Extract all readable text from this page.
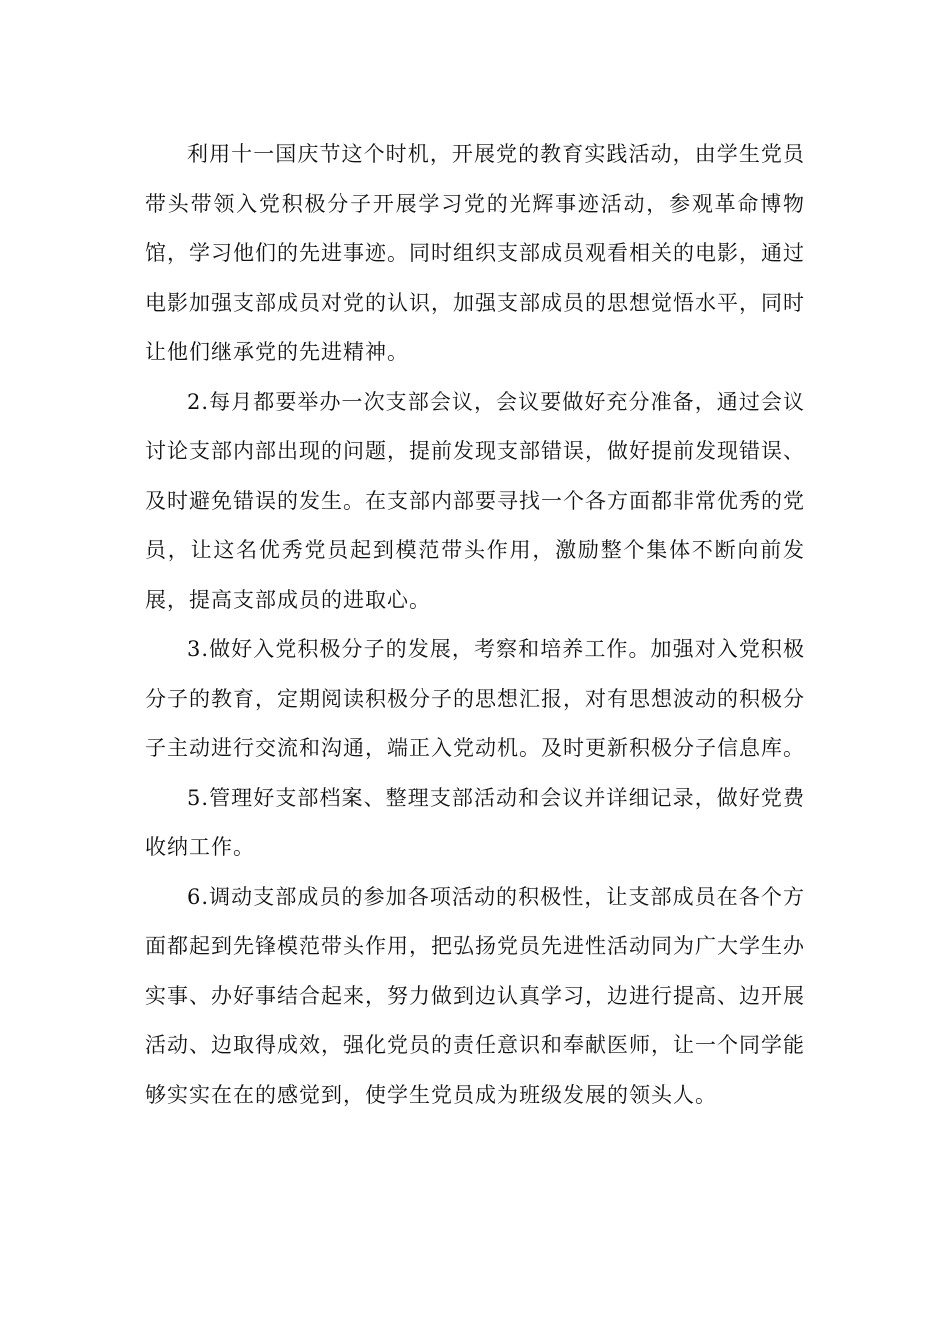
利用十一国庆节这个时机，开展党的教育实践活动，由学生党员带头带领入党积极分子开展学习党的光辉事迹活动，参观革命博物馆，学习他们的先进事迹。同时组织支部成员观看相关的电影，通过电影加强支部成员对党的认识，加强支部成员的思想觉悟水平，同时让他们继承党的先进精神。

2.每月都要举办一次支部会议，会议要做好充分准备，通过会议讨论支部内部出现的问题，提前发现支部错误，做好提前发现错误、及时避免错误的发生。在支部内部要寻找一个各方面都非常优秀的党员，让这名优秀党员起到模范带头作用，激励整个集体不断向前发展，提高支部成员的进取心。

3.做好入党积极分子的发展，考察和培养工作。加强对入党积极分子的教育，定期阅读积极分子的思想汇报，对有思想波动的积极分子主动进行交流和沟通，端正入党动机。及时更新积极分子信息库。

5.管理好支部档案、整理支部活动和会议并详细记录，做好党费收纳工作。

6.调动支部成员的参加各项活动的积极性，让支部成员在各个方面都起到先锋模范带头作用，把弘扬党员先进性活动同为广大学生办实事、办好事结合起来，努力做到边认真学习，边进行提高、边开展活动、边取得成效，强化党员的责任意识和奉献医师，让一个同学能够实实在在的感觉到，使学生党员成为班级发展的领头人。
